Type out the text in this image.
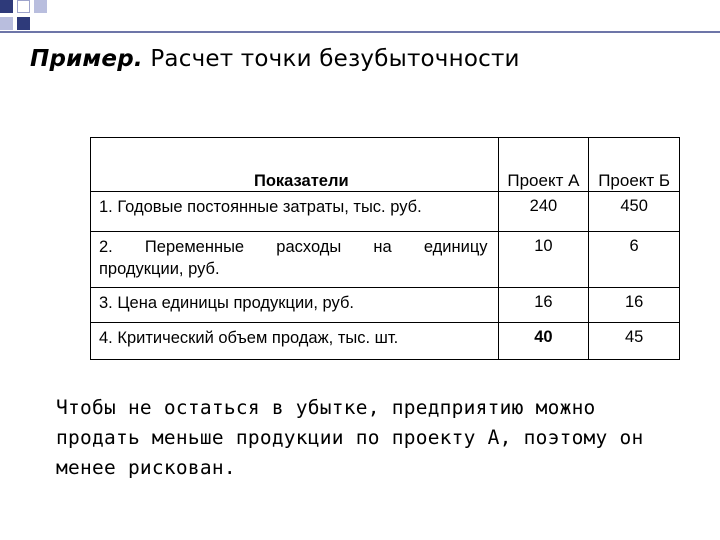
Пример. Расчет точки безубыточности
Показатели	Проект А	Проект Б
1. Годовые постоянные затраты, тыс. руб.	240	450

2. Переменные расходы на единицу
продукции, руб.	10	6
3. Цена единицы продукции, руб.	16	16
4. Критический объем продаж, тыс. шт.	40	45
Чтобы не остаться в убытке, предприятию можно продать меньше продукции по проекту А, поэтому он менее рискован.
